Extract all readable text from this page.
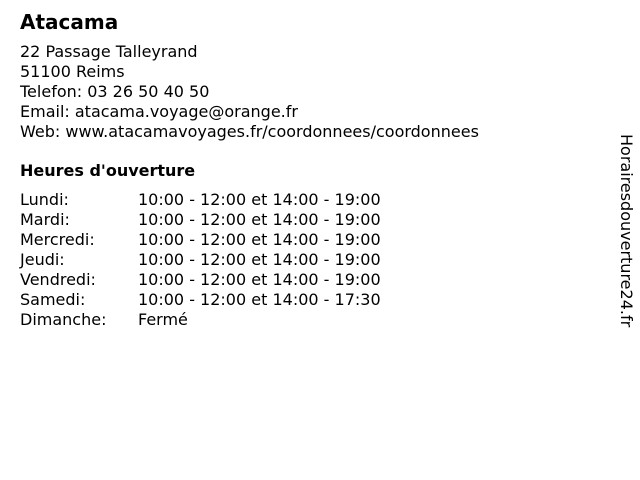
Atacama
22 Passage Talleyrand
51100 Reims
Telefon: 03 26 50 40 50
Email: atacama.voyage@orange.fr
Web: www.atacamavoyages.fr/coordonnees/coordonnees
Heures d'ouverture
Lundi:	10:00 - 12:00 et 14:00 - 19:00
Mardi:	10:00 - 12:00 et 14:00 - 19:00
Mercredi:	10:00 - 12:00 et 14:00 - 19:00
Jeudi:	10:00 - 12:00 et 14:00 - 19:00
Vendredi:	10:00 - 12:00 et 14:00 - 19:00
Samedi:	10:00 - 12:00 et 14:00 - 17:30
Dimanche:	Fermé	Horairesdouverture24.fr
